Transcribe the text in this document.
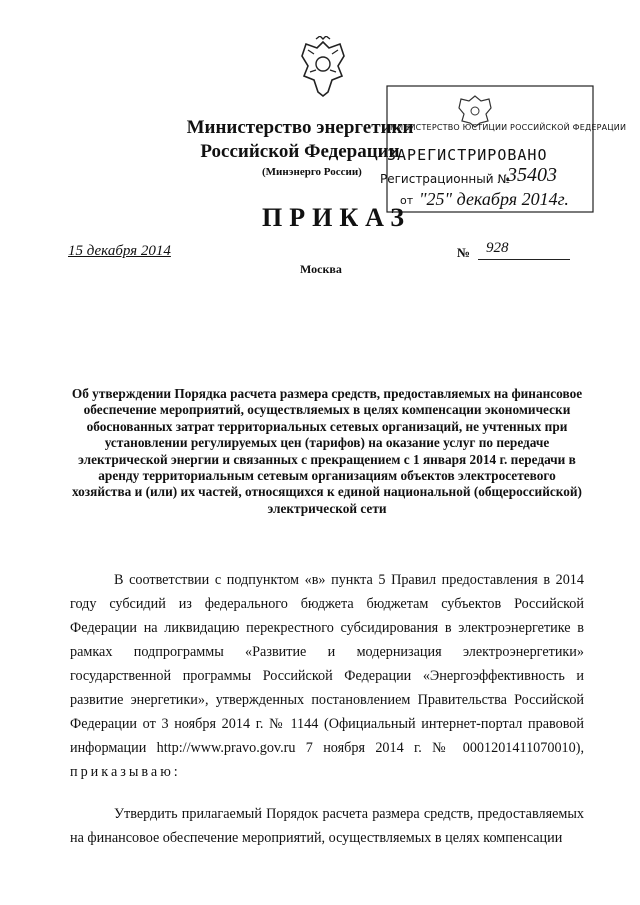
Министерство энергетики
Российской Федерации
(Минэнерго России)
МИНИСТЕРСТВО ЮСТИЦИИ РОССИЙСКОЙ ФЕДЕРАЦИИ
ЗАРЕГИСТРИРОВАНО
Регистрационный №
35403
от "25" декабря 2014г.
ПРИКАЗ
15 декабря 2014	№ 928
Москва
Об утверждении Порядка расчета размера средств, предоставляемых на финансовое обеспечение мероприятий, осуществляемых в целях компенсации экономически обоснованных затрат территориальных сетевых организаций, не учтенных при установлении регулируемых цен (тарифов) на оказание услуг по передаче электрической энергии и связанных с прекращением с 1 января 2014 г. передачи в аренду территориальным сетевым организациям объектов электросетевого хозяйства и (или) их частей, относящихся к единой национальной (общероссийской) электрической сети
В соответствии с подпунктом «в» пункта 5 Правил предоставления в 2014 году субсидий из федерального бюджета бюджетам субъектов Российской Федерации на ликвидацию перекрестного субсидирования в электроэнергетике в рамках подпрограммы «Развитие и модернизация электроэнергетики» государственной программы Российской Федерации «Энергоэффективность и развитие энергетики», утвержденных постановлением Правительства Российской Федерации от 3 ноября 2014 г. № 1144 (Официальный интернет-портал правовой информации http://www.pravo.gov.ru 7 ноября 2014 г. № 0001201411070010), приказываю:
Утвердить прилагаемый Порядок расчета размера средств, предоставляемых на финансовое обеспечение мероприятий, осуществляемых в целях компенсации
